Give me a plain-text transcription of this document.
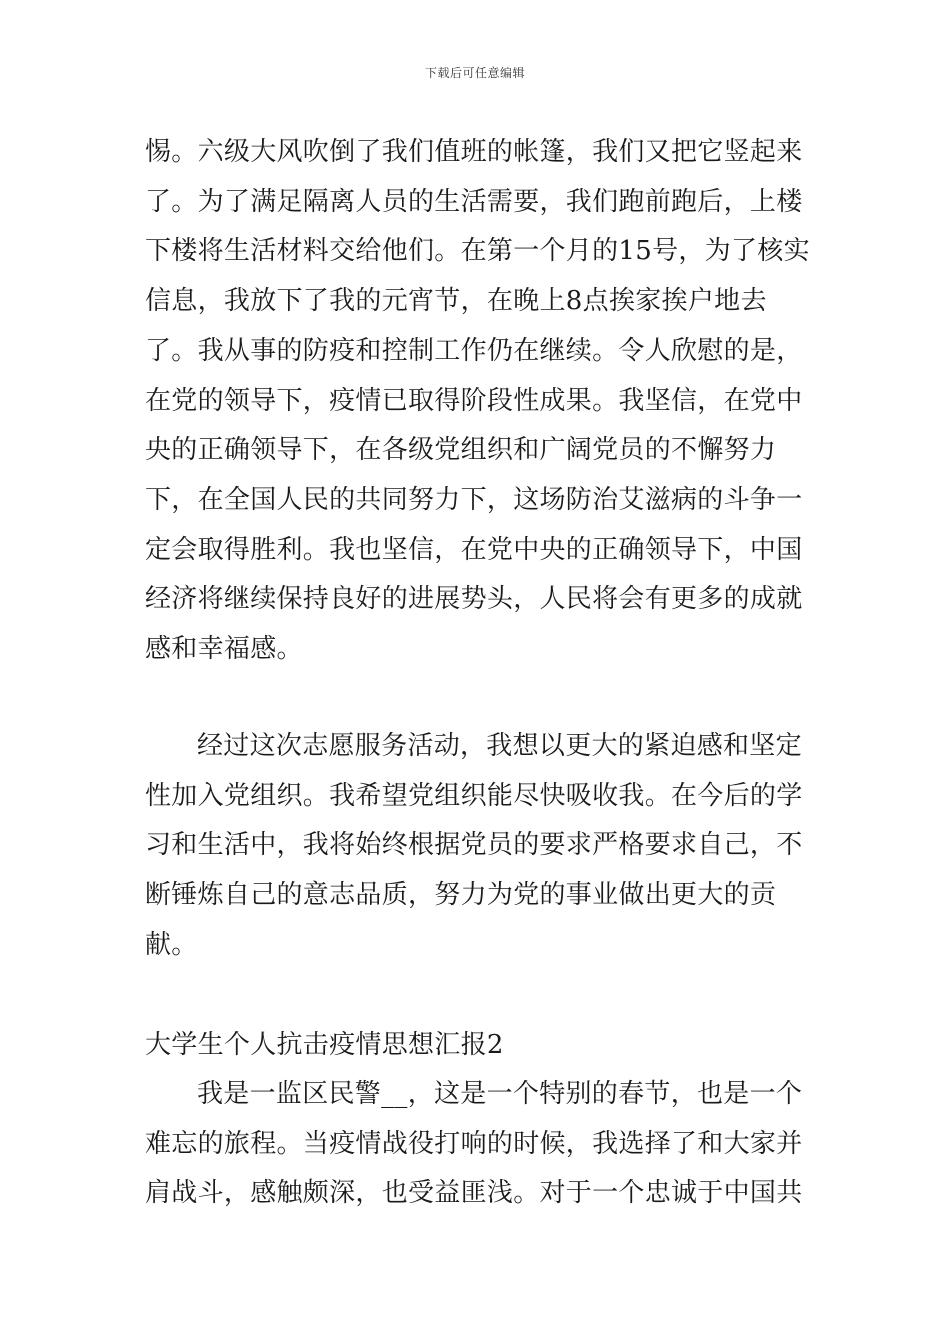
下载后可任意编辑

惕。六级大风吹倒了我们值班的帐篷，我们又把它竖起来了。为了满足隔离人员的生活需要，我们跑前跑后，上楼下楼将生活材料交给他们。在第一个月的15号，为了核实信息，我放下了我的元宵节，在晚上8点挨家挨户地去了。我从事的防疫和控制工作仍在继续。令人欣慰的是，在党的领导下，疫情已取得阶段性成果。我坚信，在党中央的正确领导下，在各级党组织和广阔党员的不懈努力下，在全国人民的共同努力下，这场防治艾滋病的斗争一定会取得胜利。我也坚信，在党中央的正确领导下，中国经济将继续保持良好的进展势头，人民将会有更多的成就感和幸福感。

经过这次志愿服务活动，我想以更大的紧迫感和坚定性加入党组织。我希望党组织能尽快吸收我。在今后的学习和生活中，我将始终根据党员的要求严格要求自己，不断锤炼自己的意志品质，努力为党的事业做出更大的贡献。

大学生个人抗击疫情思想汇报2

我是一监区民警__，这是一个特别的春节，也是一个难忘的旅程。当疫情战役打响的时候，我选择了和大家并肩战斗，感触颇深，也受益匪浅。对于一个忠诚于中国共
